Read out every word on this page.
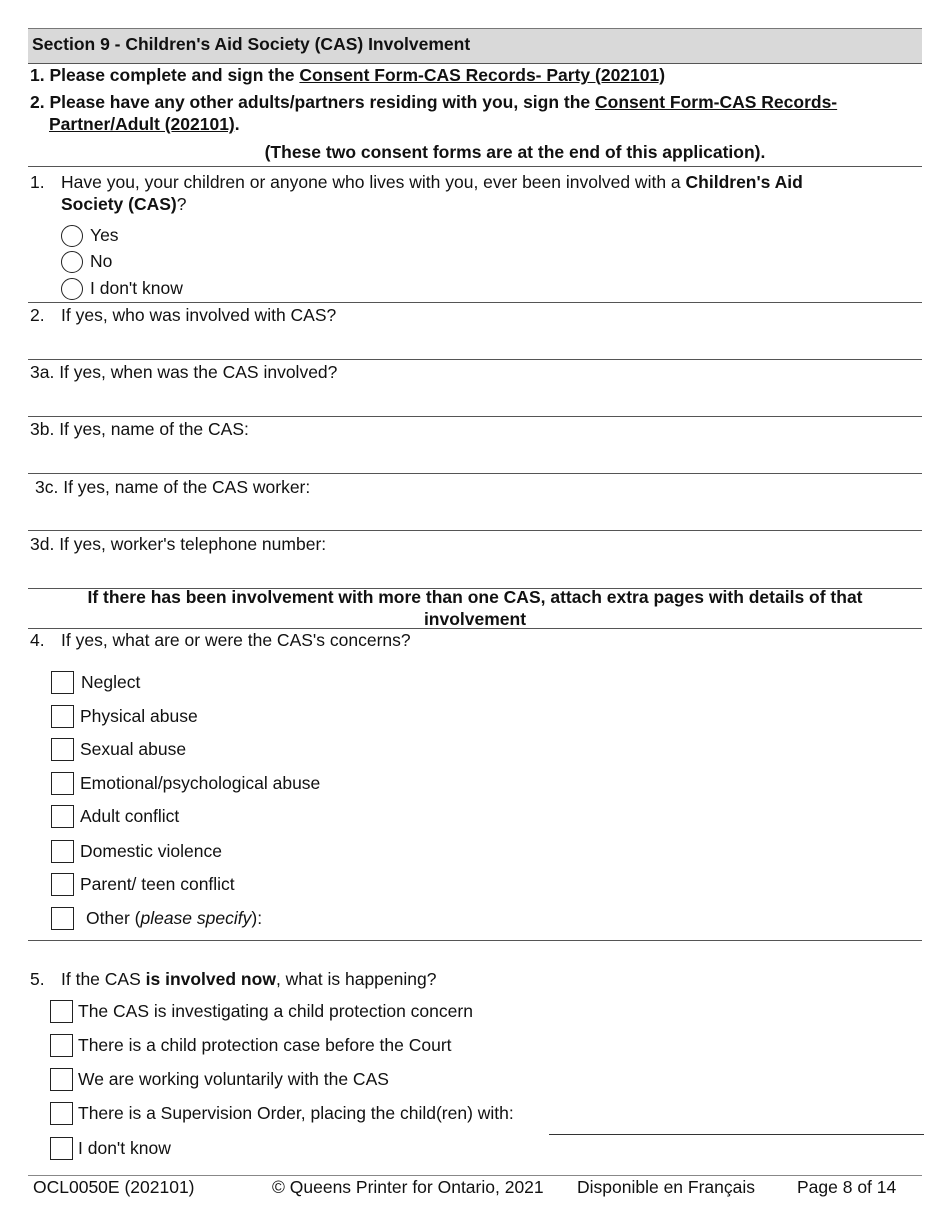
Section 9 - Children's Aid Society (CAS) Involvement
1. Please complete and sign the Consent Form-CAS Records- Party (202101)
2. Please have any other adults/partners residing with you, sign the Consent Form-CAS Records-
Partner/Adult (202101).
(These two consent forms are at the end of this application).
1. Have you, your children or anyone who lives with you, ever been involved with a Children's Aid
Society (CAS)?
Yes
No
I don't know
2. If yes, who was involved with CAS?
3a. If yes, when was the CAS involved?
3b. If yes, name of the CAS:
3c. If yes, name of the CAS worker:
3d. If yes, worker's telephone number:
If there has been involvement with more than one CAS, attach extra pages with details of that
involvement
4. If yes, what are or were the CAS's concerns?
Neglect
Physical abuse
Sexual abuse
Emotional/psychological abuse
Adult conflict
Domestic violence
Parent/ teen conflict
Other (please specify):
5. If the CAS is involved now, what is happening?
The CAS is investigating a child protection concern
There is a child protection case before the Court
We are working voluntarily with the CAS
There is a Supervision Order, placing the child(ren) with:
I don't know
OCL0050E (202101)	© Queens Printer for Ontario, 2021 Disponible en Français Page 8 of 14
